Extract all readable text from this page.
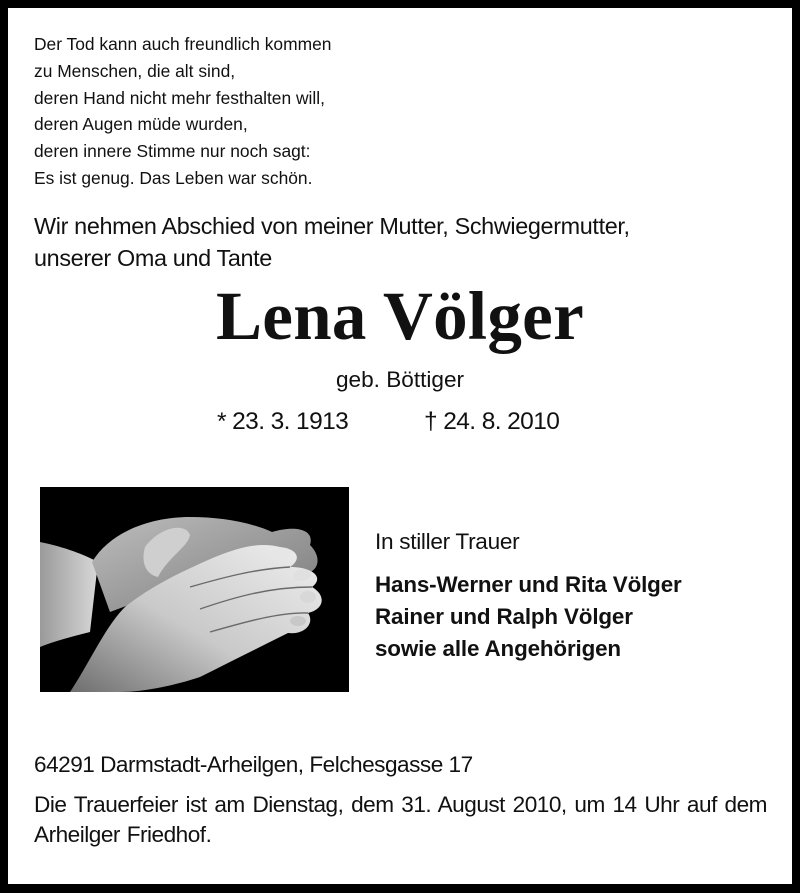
Der Tod kann auch freundlich kommen
zu Menschen, die alt sind,
deren Hand nicht mehr festhalten will,
deren Augen müde wurden,
deren innere Stimme nur noch sagt:
Es ist genug. Das Leben war schön.
Wir nehmen Abschied von meiner Mutter, Schwiegermutter,
unserer Oma und Tante
Lena Völger
geb. Böttiger
* 23. 3. 1913	† 24. 8. 2010
In stiller Trauer
Hans-Werner und Rita Völger
Rainer und Ralph Völger
sowie alle Angehörigen
64291 Darmstadt-Arheilgen, Felchesgasse 17
Die Trauerfeier ist am Dienstag, dem 31. August 2010, um 14 Uhr auf dem Arheilger Friedhof.
